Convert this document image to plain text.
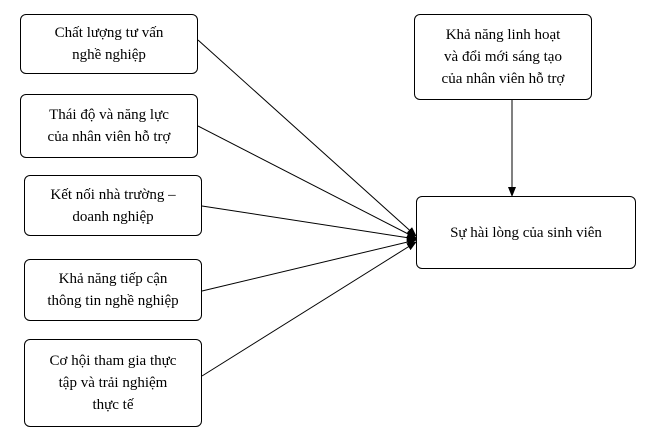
Chất lượng tư vấn
nghề nghiệp
Thái độ và năng lực
của nhân viên hỗ trợ
Kết nối nhà trường –
doanh nghiệp
Khả năng tiếp cận
thông tin nghề nghiệp
Cơ hội tham gia thực
tập và trải nghiệm
thực tế
Khả năng linh hoạt
và đổi mới sáng tạo
của nhân viên hỗ trợ
Sự hài lòng của sinh viên
